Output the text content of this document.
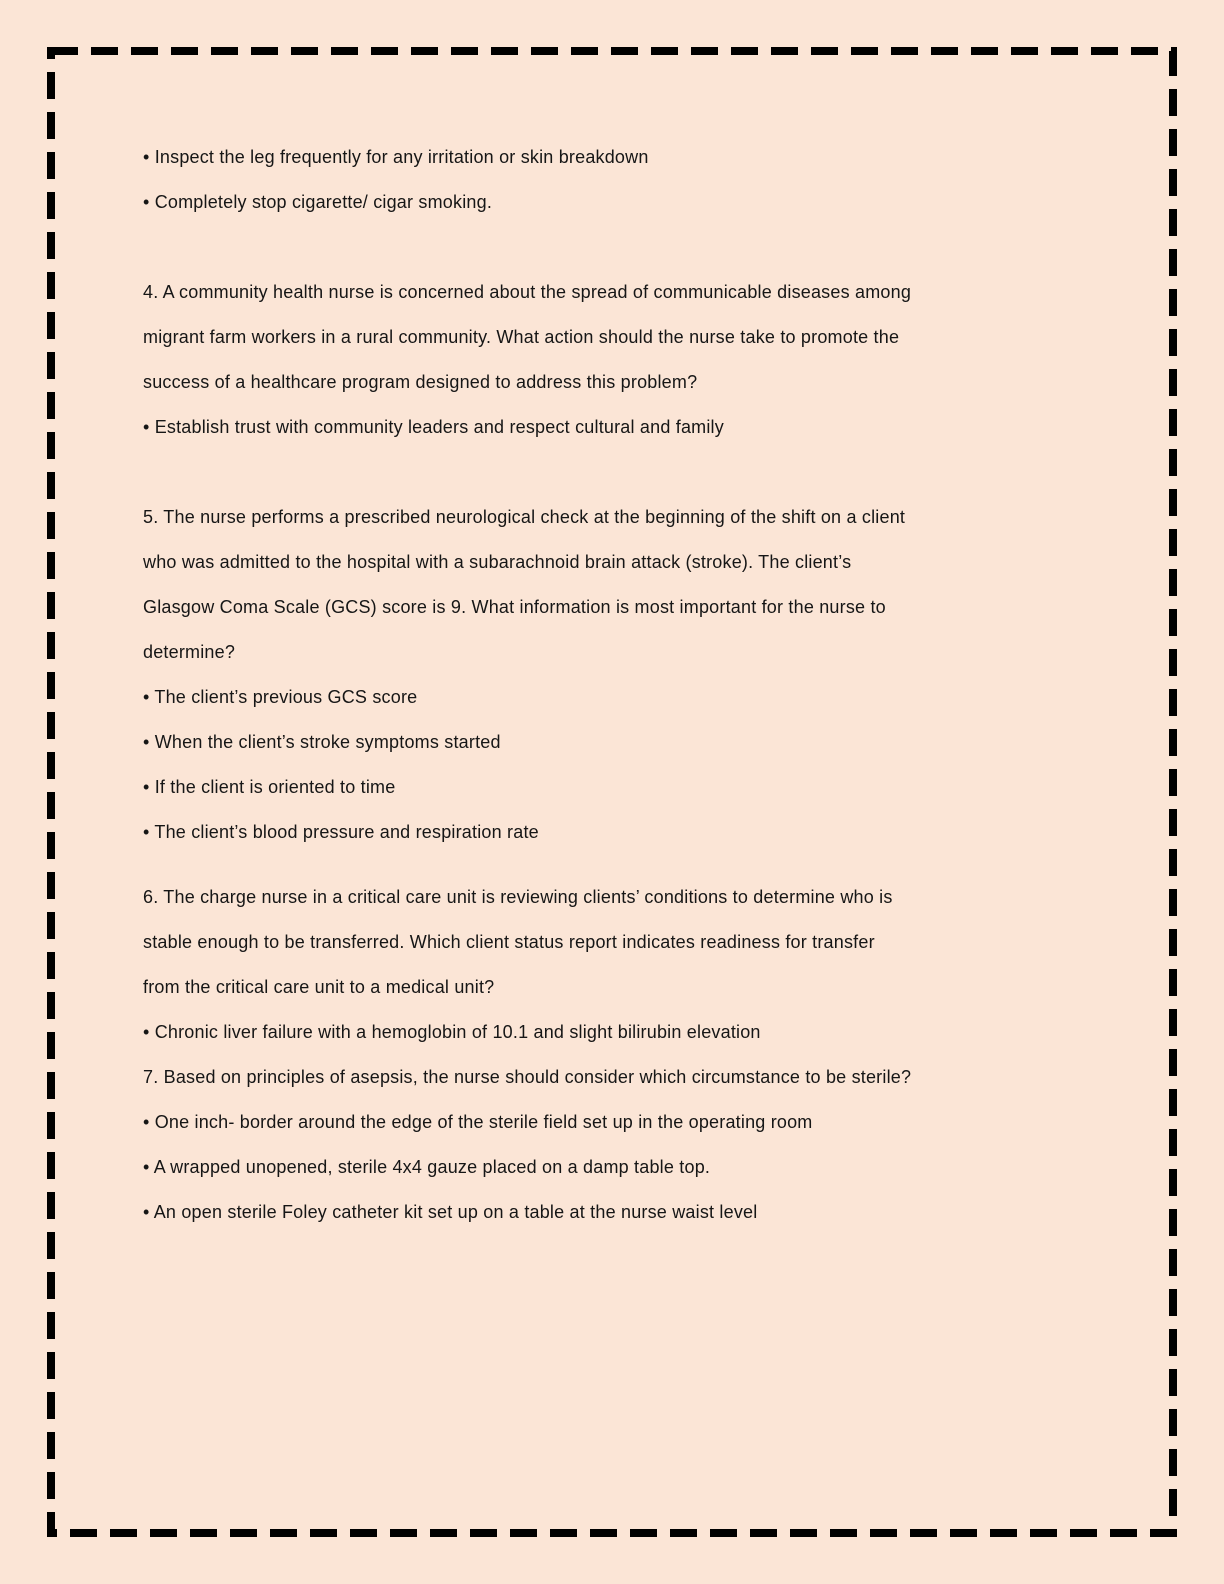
• Inspect the leg frequently for any irritation or skin breakdown
• Completely stop cigarette/ cigar smoking.
4. A community health nurse is concerned about the spread of communicable diseases among
migrant farm workers in a rural community. What action should the nurse take to promote the
success of a healthcare program designed to address this problem?
• Establish trust with community leaders and respect cultural and family
5. The nurse performs a prescribed neurological check at the beginning of the shift on a client
who was admitted to the hospital with a subarachnoid brain attack (stroke). The client’s
Glasgow Coma Scale (GCS) score is 9. What information is most important for the nurse to
determine?
• The client’s previous GCS score
• When the client’s stroke symptoms started
• If the client is oriented to time
• The client’s blood pressure and respiration rate
6. The charge nurse in a critical care unit is reviewing clients’ conditions to determine who is
stable enough to be transferred. Which client status report indicates readiness for transfer
from the critical care unit to a medical unit?
• Chronic liver failure with a hemoglobin of 10.1 and slight bilirubin elevation
7. Based on principles of asepsis, the nurse should consider which circumstance to be sterile?
• One inch- border around the edge of the sterile field set up in the operating room
• A wrapped unopened, sterile 4x4 gauze placed on a damp table top.
• An open sterile Foley catheter kit set up on a table at the nurse waist level
